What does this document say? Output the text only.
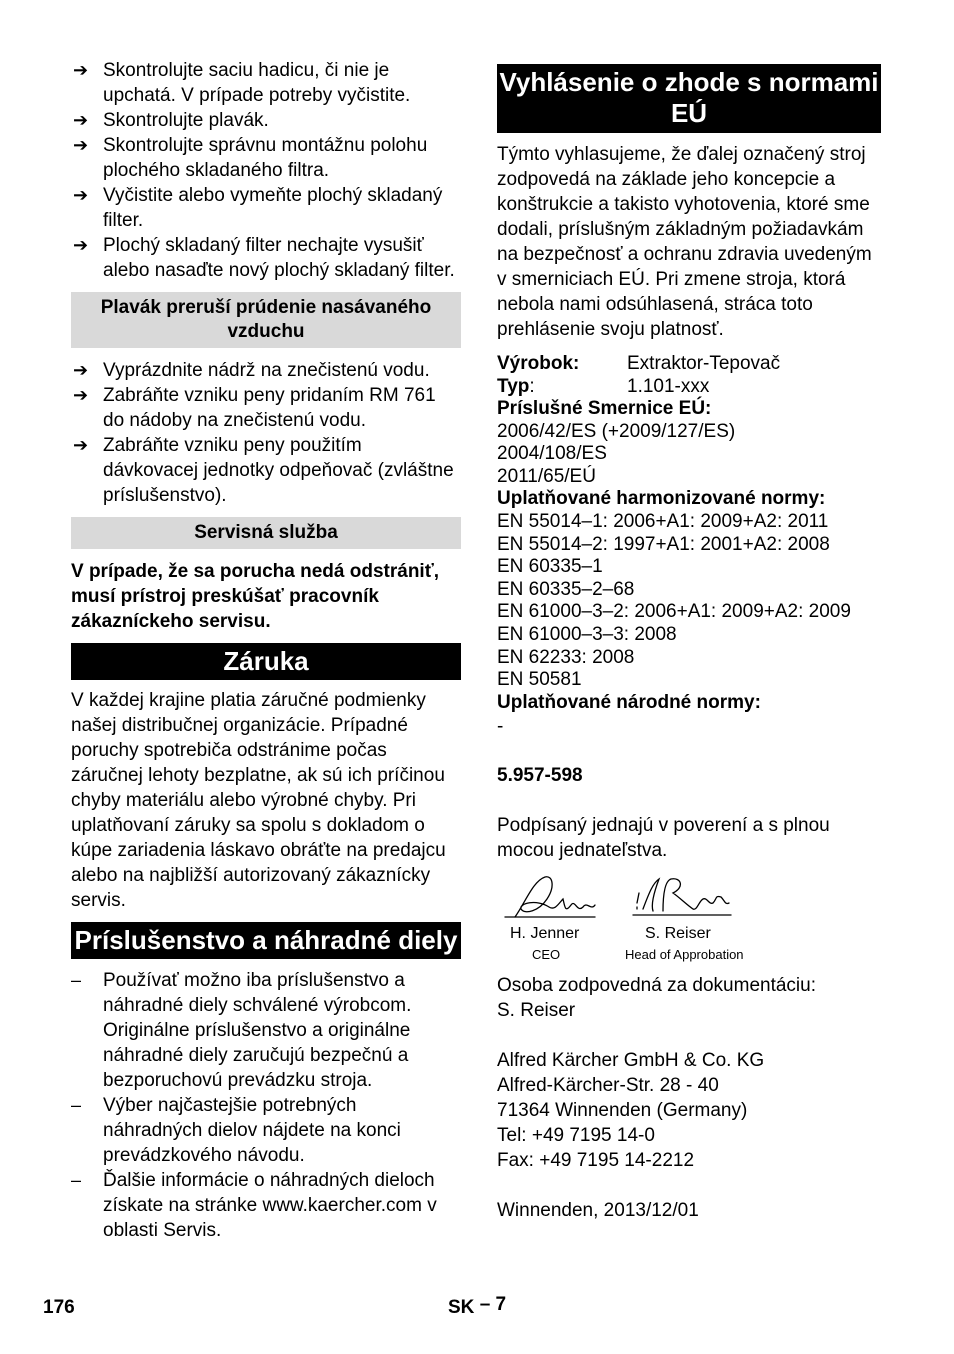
➔ Skontrolujte saciu hadicu, či nie je upchatá. V prípade potreby vyčistite.
➔ Skontrolujte plavák.
➔ Skontrolujte správnu montážnu polohu plochého skladaného filtra.
➔ Vyčistite alebo vymeňte plochý skladaný filter.
➔ Plochý skladaný filter nechajte vysušiť alebo nasaďte nový plochý skladaný filter.
Plavák preruší prúdenie nasávaného vzduchu
➔ Vyprázdnite nádrž na znečistenú vodu.
➔ Zabráňte vzniku peny pridaním RM 761 do nádoby na znečistenú vodu.
➔ Zabráňte vzniku peny použitím dávkovacej jednotky odpeňovač (zvláštne príslušenstvo).
Servisná služba

V prípade, že sa porucha nedá odstrániť, musí prístroj preskúšať pracovník zákazníckeho servisu.

Záruka

V každej krajine platia záručné podmienky našej distribučnej organizácie. Prípadné poruchy spotrebiča odstránime počas záručnej lehoty bezplatne, ak sú ich príčinou chyby materiálu alebo výrobné chyby. Pri uplatňovaní záruky sa spolu s dokladom o kúpe zariadenia láskavo obráťte na predajcu alebo na najbližší autorizovaný zákaznícky servis.

Príslušenstvo a náhradné diely
– Používať možno iba príslušenstvo a náhradné diely schválené výrobcom. Originálne príslušenstvo a originálne náhradné diely zaručujú bezpečnú a bezporuchovú prevádzku stroja.
– Výber najčastejšie potrebných náhradných dielov nájdete na konci prevádzkového návodu.
– Ďalšie informácie o náhradných dieloch získate na stránke www.kaercher.com v oblasti Servis.
Vyhlásenie o zhode s normami EÚ

Týmto vyhlasujeme, že ďalej označený stroj zodpovedá na základe jeho koncepcie a konštrukcie a takisto vyhotovenia, ktoré sme dodali, príslušným základným požiadavkám na bezpečnosť a ochranu zdravia uvedeným v smerniciach EÚ. Pri zmene stroja, ktorá nebola nami odsúhlasená, stráca toto prehlásenie svoju platnosť.

Výrobok:	Extraktor-Tepovač
Typ:	1.101-xxx
Príslušné Smernice EÚ:
2006/42/ES (+2009/127/ES)
2004/108/ES
2011/65/EÚ
Uplatňované harmonizované normy:
EN 55014–1: 2006+A1: 2009+A2: 2011
EN 55014–2: 1997+A1: 2001+A2: 2008
EN 60335–1
EN 60335–2–68
EN 61000–3–2: 2006+A1: 2009+A2: 2009
EN 61000–3–3: 2008
EN 62233: 2008
EN 50581
Uplatňované národné normy:
-
5.957-598

Podpísaný jednajú v poverení a s plnou mocou jednateľstva.

H. Jenner
CEO
S. Reiser
Head of Approbation

Osoba zodpovedná za dokumentáciu:

S. Reiser

Alfred Kärcher GmbH & Co. KG
Alfred-Kärcher-Str. 28 - 40
71364 Winnenden (Germany)
Tel: +49 7195 14-0
Fax: +49 7195 14-2212

Winnenden, 2013/12/01

176	SK – 7
